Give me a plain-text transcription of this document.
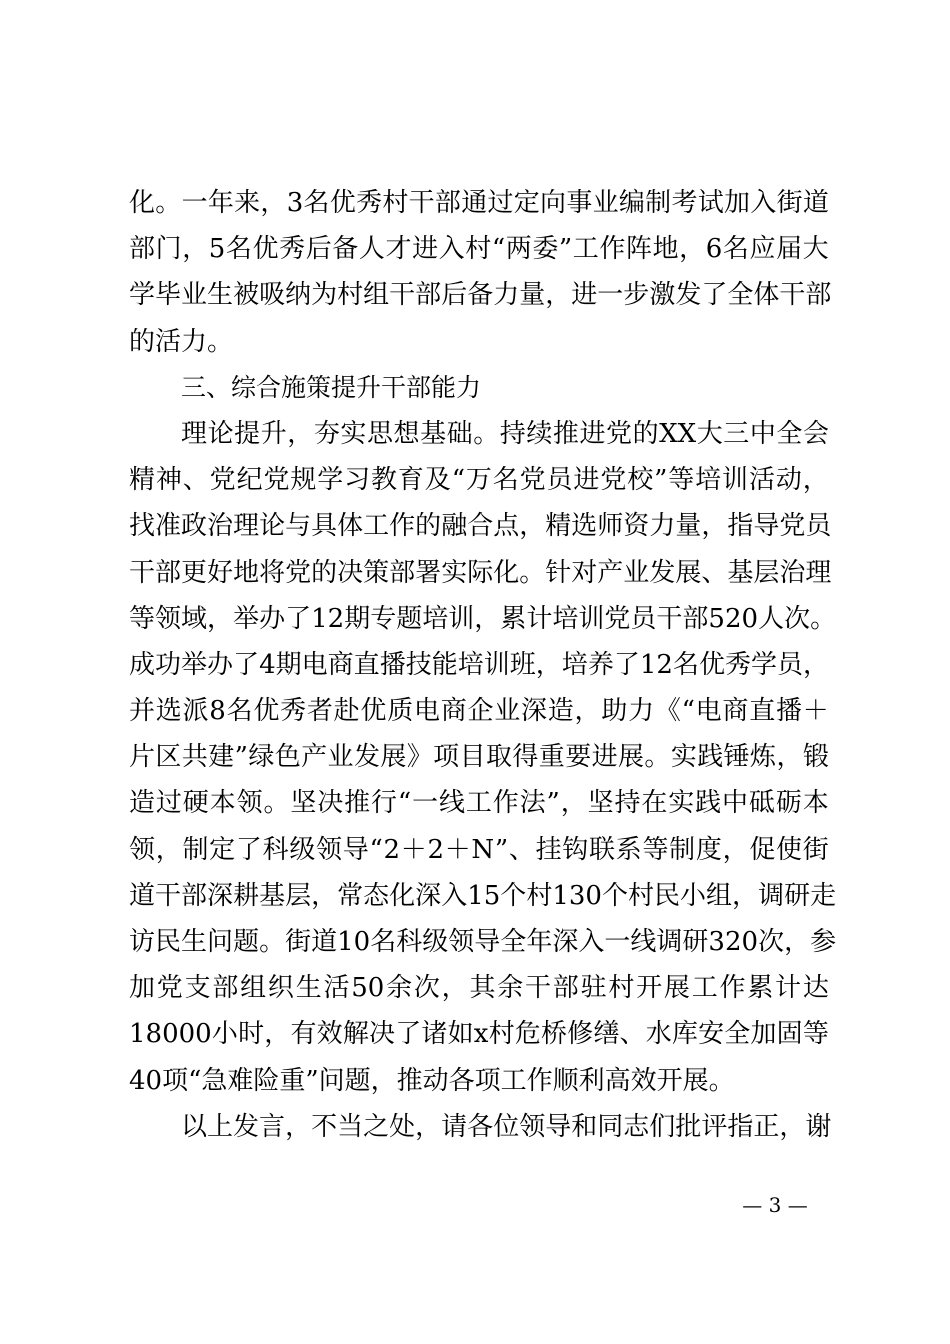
化 。 一 年 来 ， 3 名 优 秀 村 干 部 通 过 定 向 事 业 编 制 考 试 加 入 街 道
部 门 ， 5 名 优 秀 后 备 人 才 进 入 村 “ 两 委 ” 工 作 阵 地 ， 6 名 应 届 大
学 毕 业 生 被 吸 纳 为 村 组 干 部 后 备 力 量 ， 进 一 步 激 发 了 全 体 干 部
的活力。
三、综合施策提升干部能力
理 论 提 升 ， 夯 实 思 想 基 础 。 持 续 推 进 党 的 XX 大 三 中 全 会
精 神 、 党 纪 党 规 学 习 教 育 及 “ 万 名 党 员 进 党 校 ” 等 培 训 活 动 ，
找 准 政 治 理 论 与 具 体 工 作 的 融 合 点 ， 精 选 师 资 力 量 ， 指 导 党 员
干 部 更 好 地 将 党 的 决 策 部 署 实 际 化 。 针 对 产 业 发 展 、 基 层 治 理
等 领 域 ， 举 办 了 12 期 专 题 培 训 ， 累 计 培 训 党 员 干 部 520 人 次 。
成 功 举 办 了 4 期 电 商 直 播 技 能 培 训 班 ， 培 养 了 12 名 优 秀 学 员 ，
并 选 派 8 名 优 秀 者 赴 优 质 电 商 企 业 深 造 ， 助 力 《 “ 电 商 直 播 ＋
片 区 共 建 ” 绿 色 产 业 发 展 》 项 目 取 得 重 要 进 展 。 实 践 锤 炼 ， 锻
造 过 硬 本 领 。 坚 决 推 行 “ 一 线 工 作 法 ” ， 坚 持 在 实 践 中 砥 砺 本
领 ， 制 定 了 科 级 领 导 “ 2 ＋ 2 ＋ N ” 、 挂 钩 联 系 等 制 度 ， 促 使 街
道 干 部 深 耕 基 层 ， 常 态 化 深 入 15 个 村 130 个 村 民 小 组 ， 调 研 走
访 民 生 问 题 。 街 道 10 名 科 级 领 导 全 年 深 入 一 线 调 研 320 次 ， 参
加 党 支 部 组 织 生 活 50 余 次 ， 其 余 干 部 驻 村 开 展 工 作 累 计 达
18000 小 时 ， 有 效 解 决 了 诸 如 x 村 危 桥 修 缮 、 水 库 安 全 加 固 等
40项“急难险重”问题，推动各项工作顺利高效开展。
以 上 发 言 ， 不 当 之 处 ， 请 各 位 领 导 和 同 志 们 批 评 指 正 ， 谢
— 3 —
